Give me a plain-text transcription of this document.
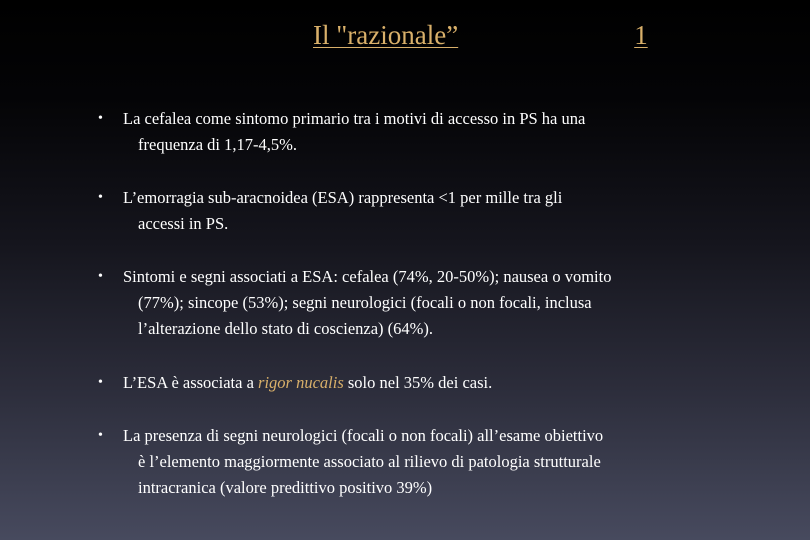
Il "razionale”	1
• La cefalea come sintomo primario tra i motivi di accesso in PS ha una
frequenza di 1,17-4,5%.
• L’emorragia sub-aracnoidea (ESA) rappresenta <1 per mille tra gli
accessi in PS.
• Sintomi e segni associati a ESA: cefalea (74%, 20-50%); nausea o vomito
(77%); sincope (53%); segni neurologici (focali o non focali, inclusa
l’alterazione dello stato di coscienza) (64%).
• L’ESA è associata a rigor nucalis solo nel 35% dei casi.
• La presenza di segni neurologici (focali o non focali) all’esame obiettivo
è l’elemento maggiormente associato al rilievo di patologia strutturale
intracranica (valore predittivo positivo 39%)
